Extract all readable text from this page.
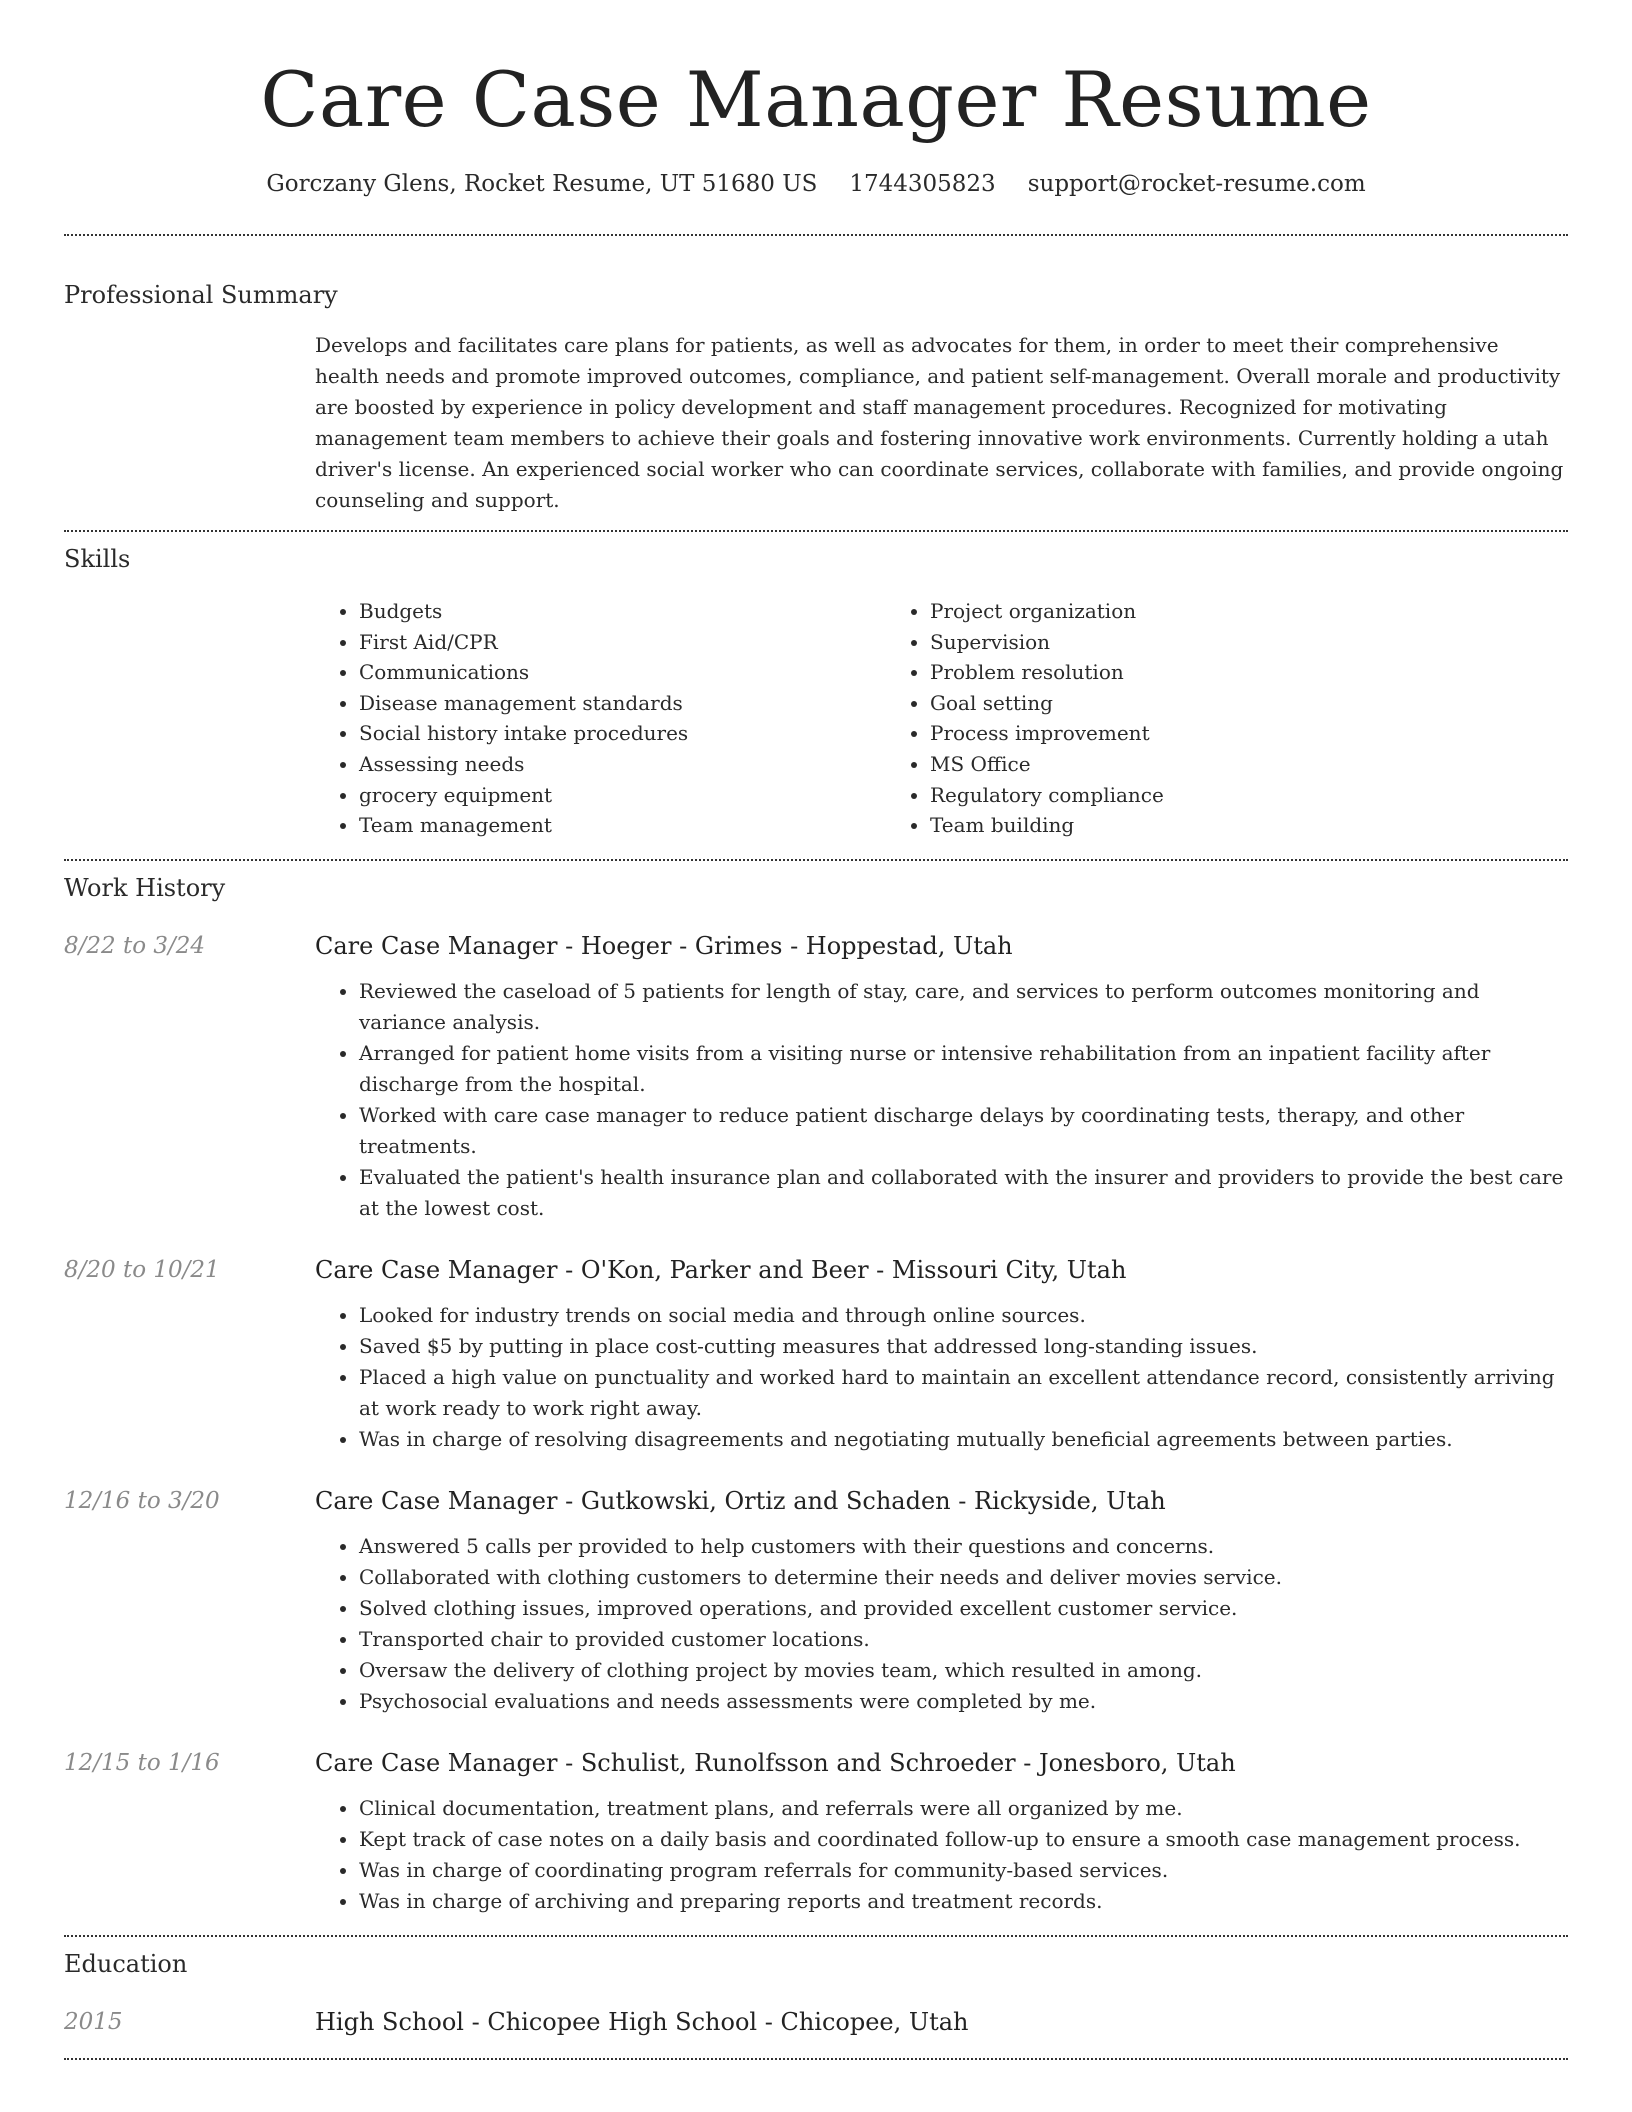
Care Case Manager Resume
Gorczany Glens, Rocket Resume, UT 51680 US 1744305823 support@rocket-resume.com
Professional Summary
Develops and facilitates care plans for patients, as well as advocates for them, in order to meet their comprehensive health needs and promote improved outcomes, compliance, and patient self-management. Overall morale and productivity are boosted by experience in policy development and staff management procedures. Recognized for motivating management team members to achieve their goals and fostering innovative work environments. Currently holding a utah driver's license. An experienced social worker who can coordinate services, collaborate with families, and provide ongoing counseling and support.
Skills
• Budgets
• First Aid/CPR
• Communications
• Disease management standards
• Social history intake procedures
• Assessing needs
• grocery equipment
• Team management
• Project organization
• Supervision
• Problem resolution
• Goal setting
• Process improvement
• MS Office
• Regulatory compliance
• Team building
Work History
8/22 to 3/24	Care Case Manager - Hoeger - Grimes - Hoppestad, Utah
• Reviewed the caseload of 5 patients for length of stay, care, and services to perform outcomes monitoring and variance analysis.
• Arranged for patient home visits from a visiting nurse or intensive rehabilitation from an inpatient facility after discharge from the hospital.
• Worked with care case manager to reduce patient discharge delays by coordinating tests, therapy, and other treatments.
• Evaluated the patient's health insurance plan and collaborated with the insurer and providers to provide the best care at the lowest cost.
8/20 to 10/21	Care Case Manager - O'Kon, Parker and Beer - Missouri City, Utah
• Looked for industry trends on social media and through online sources.
• Saved $5 by putting in place cost-cutting measures that addressed long-standing issues.
• Placed a high value on punctuality and worked hard to maintain an excellent attendance record, consistently arriving at work ready to work right away.
• Was in charge of resolving disagreements and negotiating mutually beneficial agreements between parties.
12/16 to 3/20	Care Case Manager - Gutkowski, Ortiz and Schaden - Rickyside, Utah
• Answered 5 calls per provided to help customers with their questions and concerns.
• Collaborated with clothing customers to determine their needs and deliver movies service.
• Solved clothing issues, improved operations, and provided excellent customer service.
• Transported chair to provided customer locations.
• Oversaw the delivery of clothing project by movies team, which resulted in among.
• Psychosocial evaluations and needs assessments were completed by me.
12/15 to 1/16	Care Case Manager - Schulist, Runolfsson and Schroeder - Jonesboro, Utah
• Clinical documentation, treatment plans, and referrals were all organized by me.
• Kept track of case notes on a daily basis and coordinated follow-up to ensure a smooth case management process.
• Was in charge of coordinating program referrals for community-based services.
• Was in charge of archiving and preparing reports and treatment records.
Education
2015	High School - Chicopee High School - Chicopee, Utah
